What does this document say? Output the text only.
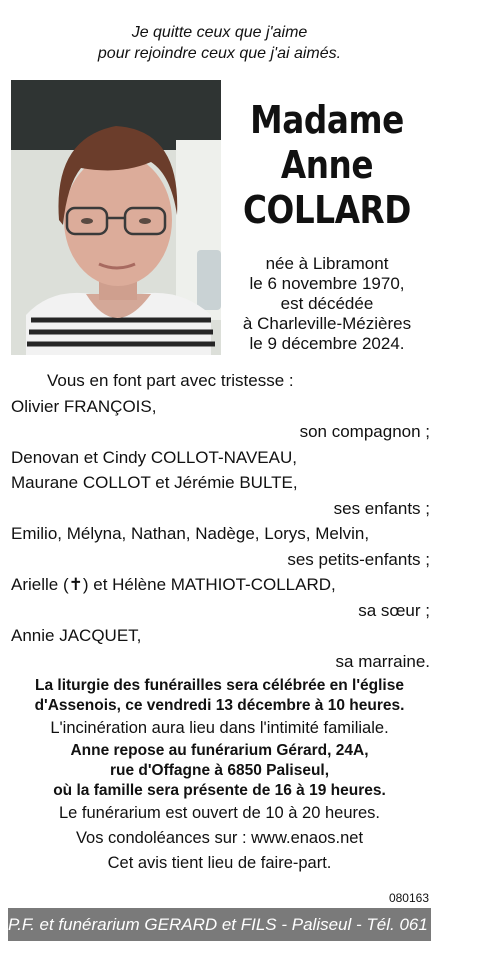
Je quitte ceux que j'aime
pour rejoindre ceux que j'ai aimés.
Madame
Anne
COLLARD
née à Libramont
le 6 novembre 1970,
est décédée
à Charleville-Mézières
le 9 décembre 2024.
Vous en font part avec tristesse :
Olivier FRANÇOIS,
son compagnon ;
Denovan et Cindy COLLOT-NAVEAU,
Maurane COLLOT et Jérémie BULTE,
ses enfants ;
Emilio, Mélyna, Nathan, Nadège, Lorys, Melvin,
ses petits-enfants ;
Arielle (✝) et Hélène MATHIOT-COLLARD,
sa sœur ;
Annie JACQUET,
sa marraine.
La liturgie des funérailles sera célébrée en l'église
d'Assenois, ce vendredi 13 décembre à 10 heures.
L'incinération aura lieu dans l'intimité familiale.
Anne repose au funérarium Gérard, 24A,
rue d'Offagne à 6850 Paliseul,
où la famille sera présente de 16 à 19 heures.
Le funérarium est ouvert de 10 à 20 heures.
Vos condoléances sur : www.enaos.net
Cet avis tient lieu de faire-part.
080163
P.F. et funérarium GERARD et FILS - Paliseul - Tél. 061 53 32 84
